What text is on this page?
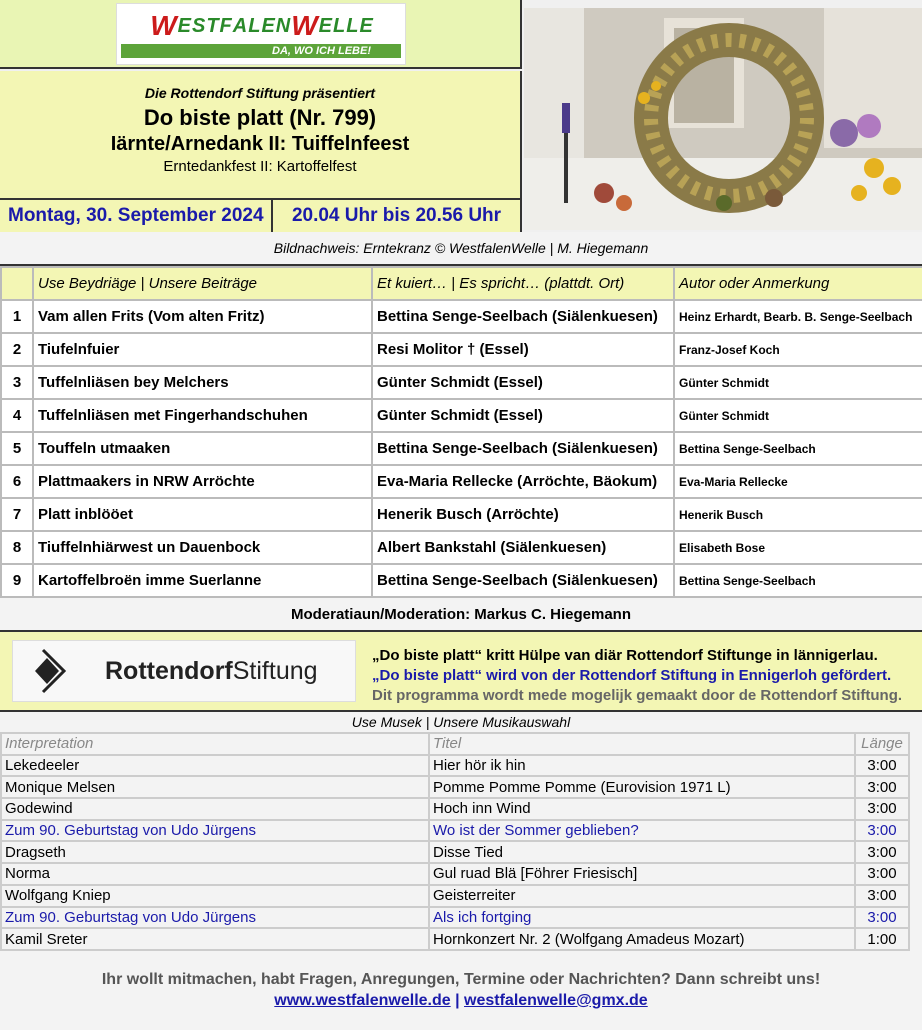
W E S T F A L E N W E L L E
DA, WO ICH LEBE!
Die Rottendorf Stiftung präsentiert
Do biste platt (Nr. 799)
Iärnte/Arnedank II: Tuiffelnfeest
Erntedankfest II: Kartoffelfest
Montag, 30. September 2024	20.04 Uhr bis 20.56 Uhr
Bildnachweis: Erntekranz © WestfalenWelle | M. Hiegemann
	Use Beydriäge | Unsere Beiträge	Et kuiert… | Es spricht… (plattdt. Ort)	Autor oder Anmerkung
1	Vam allen Frits (Vom alten Fritz)	Bettina Senge-Seelbach (Siälenkuesen)	Heinz Erhardt, Bearb. B. Senge-Seelbach
2	Tiufelnfuier	Resi Molitor † (Essel)	Franz-Josef Koch
3	Tuffelnliäsen bey Melchers	Günter Schmidt (Essel)	Günter Schmidt
4	Tuffelnliäsen met Fingerhandschuhen	Günter Schmidt (Essel)	Günter Schmidt
5	Touffeln utmaaken	Bettina Senge-Seelbach (Siälenkuesen)	Bettina Senge-Seelbach
6	Plattmaakers in NRW Arröchte	Eva-Maria Rellecke (Arröchte, Bäokum)	Eva-Maria Rellecke
7	Platt inblööet	Henerik Busch (Arröchte)	Henerik Busch
8	Tiuffelnhiärwest un Dauenbock	Albert Bankstahl (Siälenkuesen)	Elisabeth Bose
9	Kartoffelbroën imme Suerlanne	Bettina Senge-Seelbach (Siälenkuesen)	Bettina Senge-Seelbach
Moderatiaun/Moderation: Markus C. Hiegemann
RottendorfStiftung
„Do biste platt“ kritt Hülpe van diär Rottendorf Stiftunge in lännigerlau.
„Do biste platt“ wird von der Rottendorf Stiftung in Ennigerloh gefördert.
Dit programma wordt mede mogelijk gemaakt door de Rottendorf Stiftung.
Use Musek | Unsere Musikauswahl
Interpretation	Titel	Länge
Lekedeeler	Hier hör ik hin	3:00
Monique Melsen	Pomme Pomme Pomme (Eurovision 1971 L)	3:00
Godewind	Hoch inn Wind	3:00
Zum 90. Geburtstag von Udo Jürgens	Wo ist der Sommer geblieben?	3:00
Dragseth	Disse Tied	3:00
Norma	Gul ruad Blä [Föhrer Friesisch]	3:00
Wolfgang Kniep	Geisterreiter	3:00
Zum 90. Geburtstag von Udo Jürgens	Als ich fortging	3:00
Kamil Sreter	Hornkonzert Nr. 2 (Wolfgang Amadeus Mozart)	1:00
Ihr wollt mitmachen, habt Fragen, Anregungen, Termine oder Nachrichten? Dann schreibt uns!
www.westfalenwelle.de | westfalenwelle@gmx.de
